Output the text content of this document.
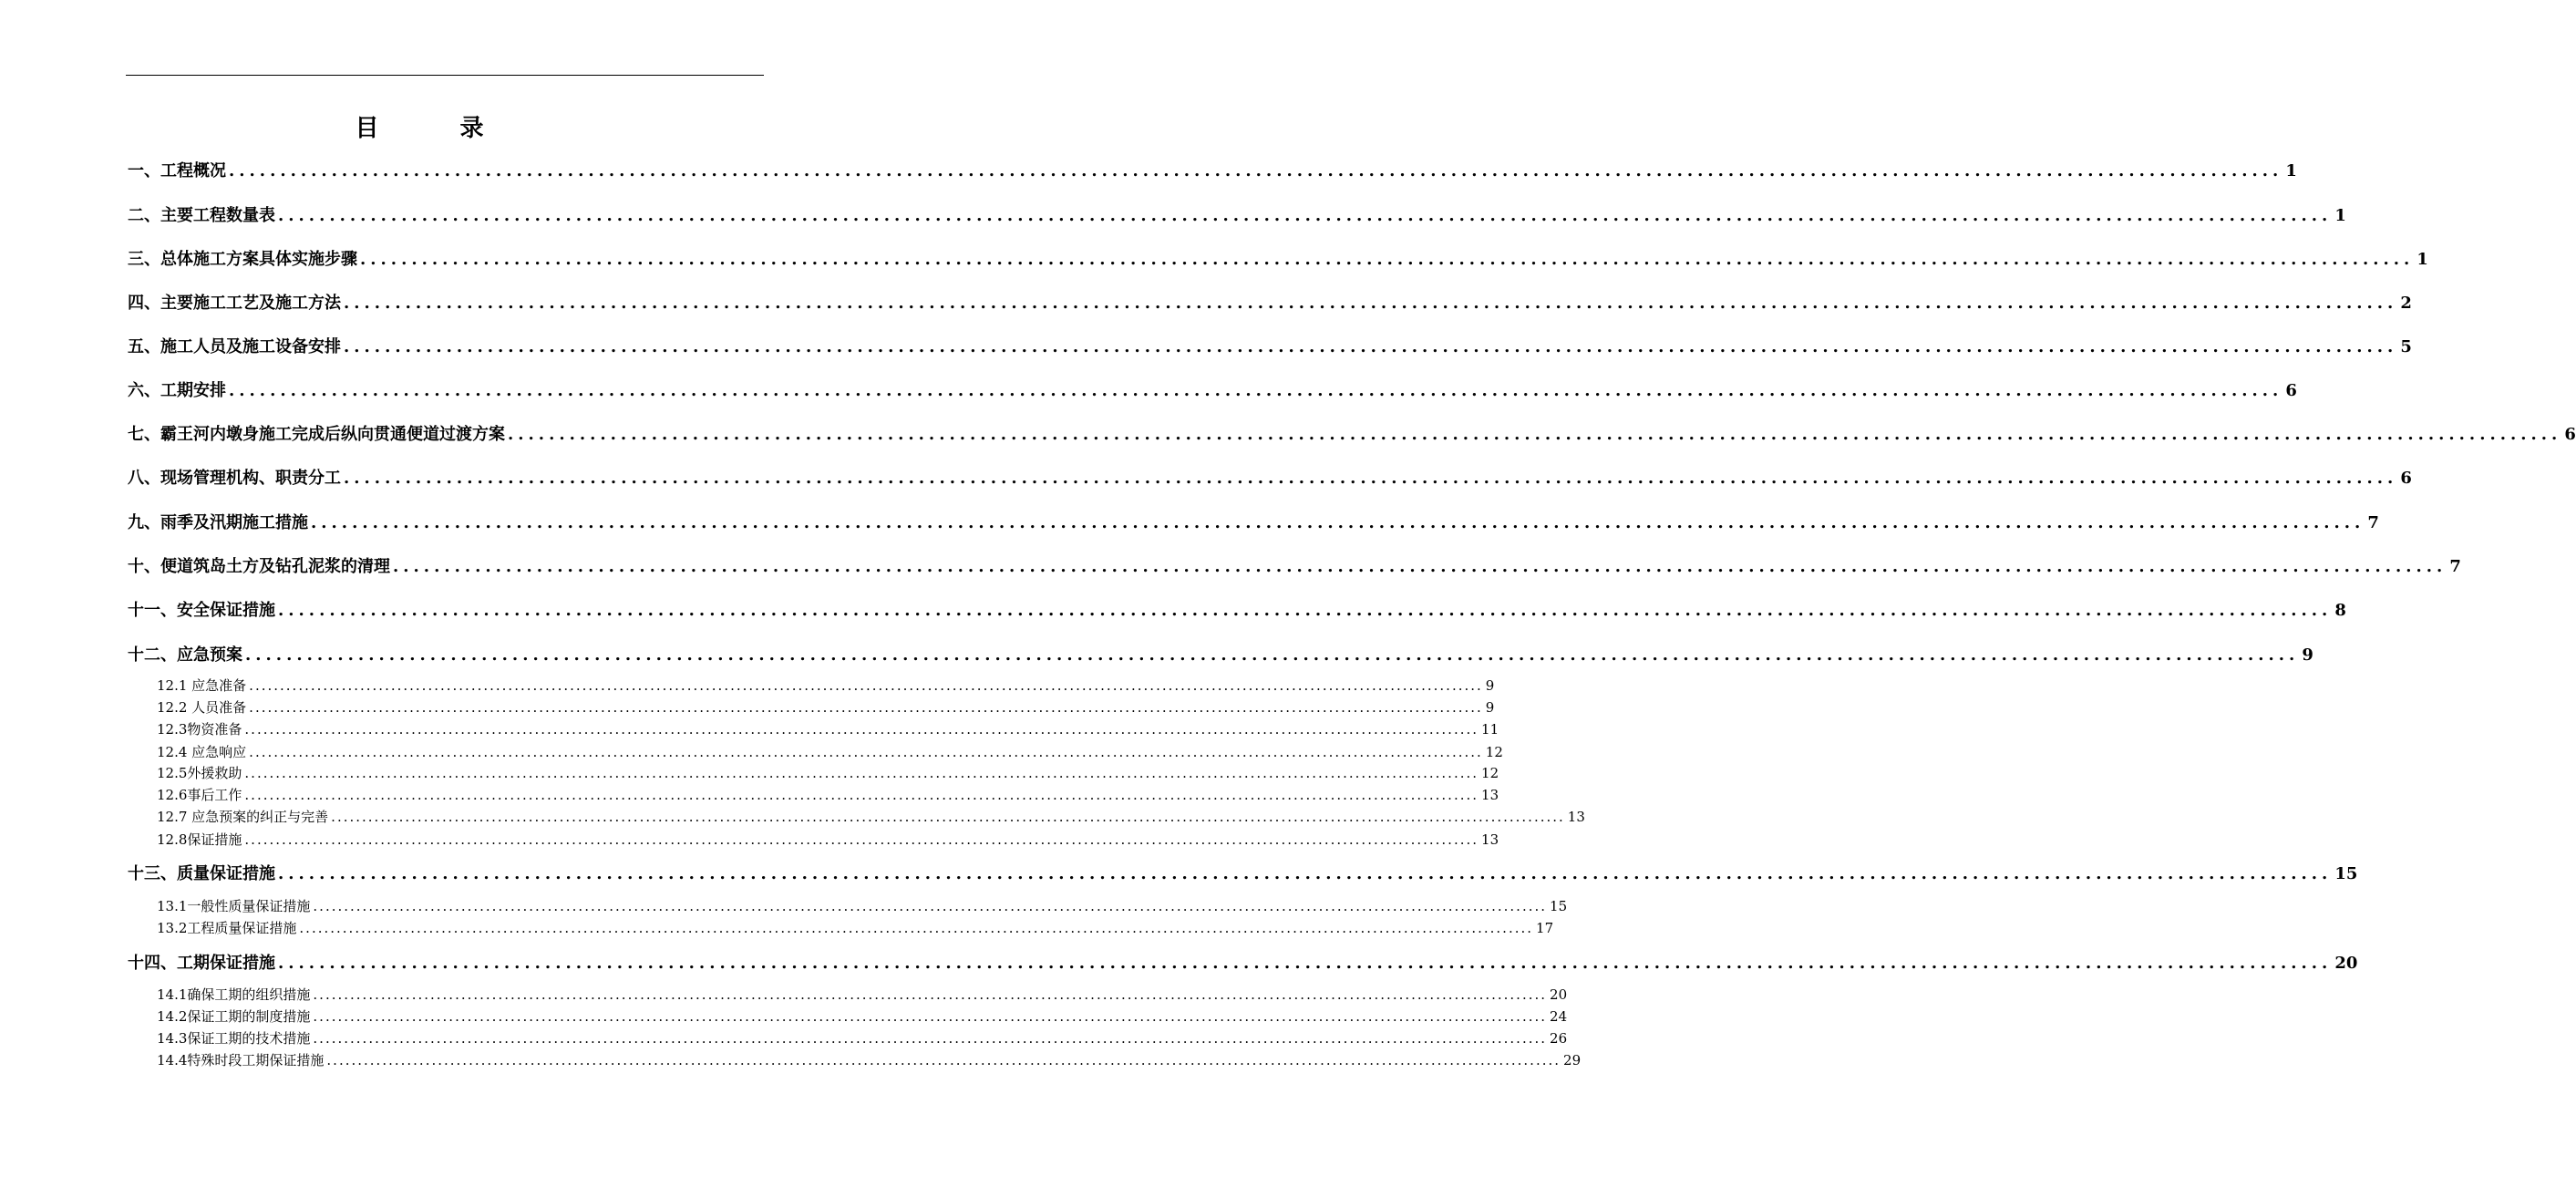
目 录
一、工程概况 ........................................................................................................................................................................................................ 1
二、主要工程数量表 ........................................................................................................................................................................................................ 1
三、总体施工方案具体实施步骤 ........................................................................................................................................................................................................ 1
四、主要施工工艺及施工方法 ........................................................................................................................................................................................................ 2
五、施工人员及施工设备安排 ........................................................................................................................................................................................................ 5
六、工期安排 ........................................................................................................................................................................................................ 6
七、霸王河内墩身施工完成后纵向贯通便道过渡方案 ........................................................................................................................................................................................................ 6
八、现场管理机构、职责分工 ........................................................................................................................................................................................................ 6
九、雨季及汛期施工措施 ........................................................................................................................................................................................................ 7
十、便道筑岛土方及钻孔泥浆的清理 ........................................................................................................................................................................................................ 7
十一、安全保证措施 ........................................................................................................................................................................................................ 8
十二、应急预案 ........................................................................................................................................................................................................ 9
12.1 应急准备 ........................................................................................................................................................................................................ 9
12.2 人员准备 ........................................................................................................................................................................................................ 9
12.3物资准备 ........................................................................................................................................................................................................ 11
12.4 应急响应 ........................................................................................................................................................................................................ 12
12.5外援救助 ........................................................................................................................................................................................................ 12
12.6事后工作 ........................................................................................................................................................................................................ 13
12.7 应急预案的纠正与完善 ........................................................................................................................................................................................................ 13
12.8保证措施 ........................................................................................................................................................................................................ 13
十三、质量保证措施 ........................................................................................................................................................................................................ 15
13.1一般性质量保证措施 ........................................................................................................................................................................................................ 15
13.2工程质量保证措施 ........................................................................................................................................................................................................ 17
十四、工期保证措施 ........................................................................................................................................................................................................ 20
14.1确保工期的组织措施 ........................................................................................................................................................................................................ 20
14.2保证工期的制度措施 ........................................................................................................................................................................................................ 24
14.3保证工期的技术措施 ........................................................................................................................................................................................................ 26
14.4特殊时段工期保证措施 ........................................................................................................................................................................................................ 29
